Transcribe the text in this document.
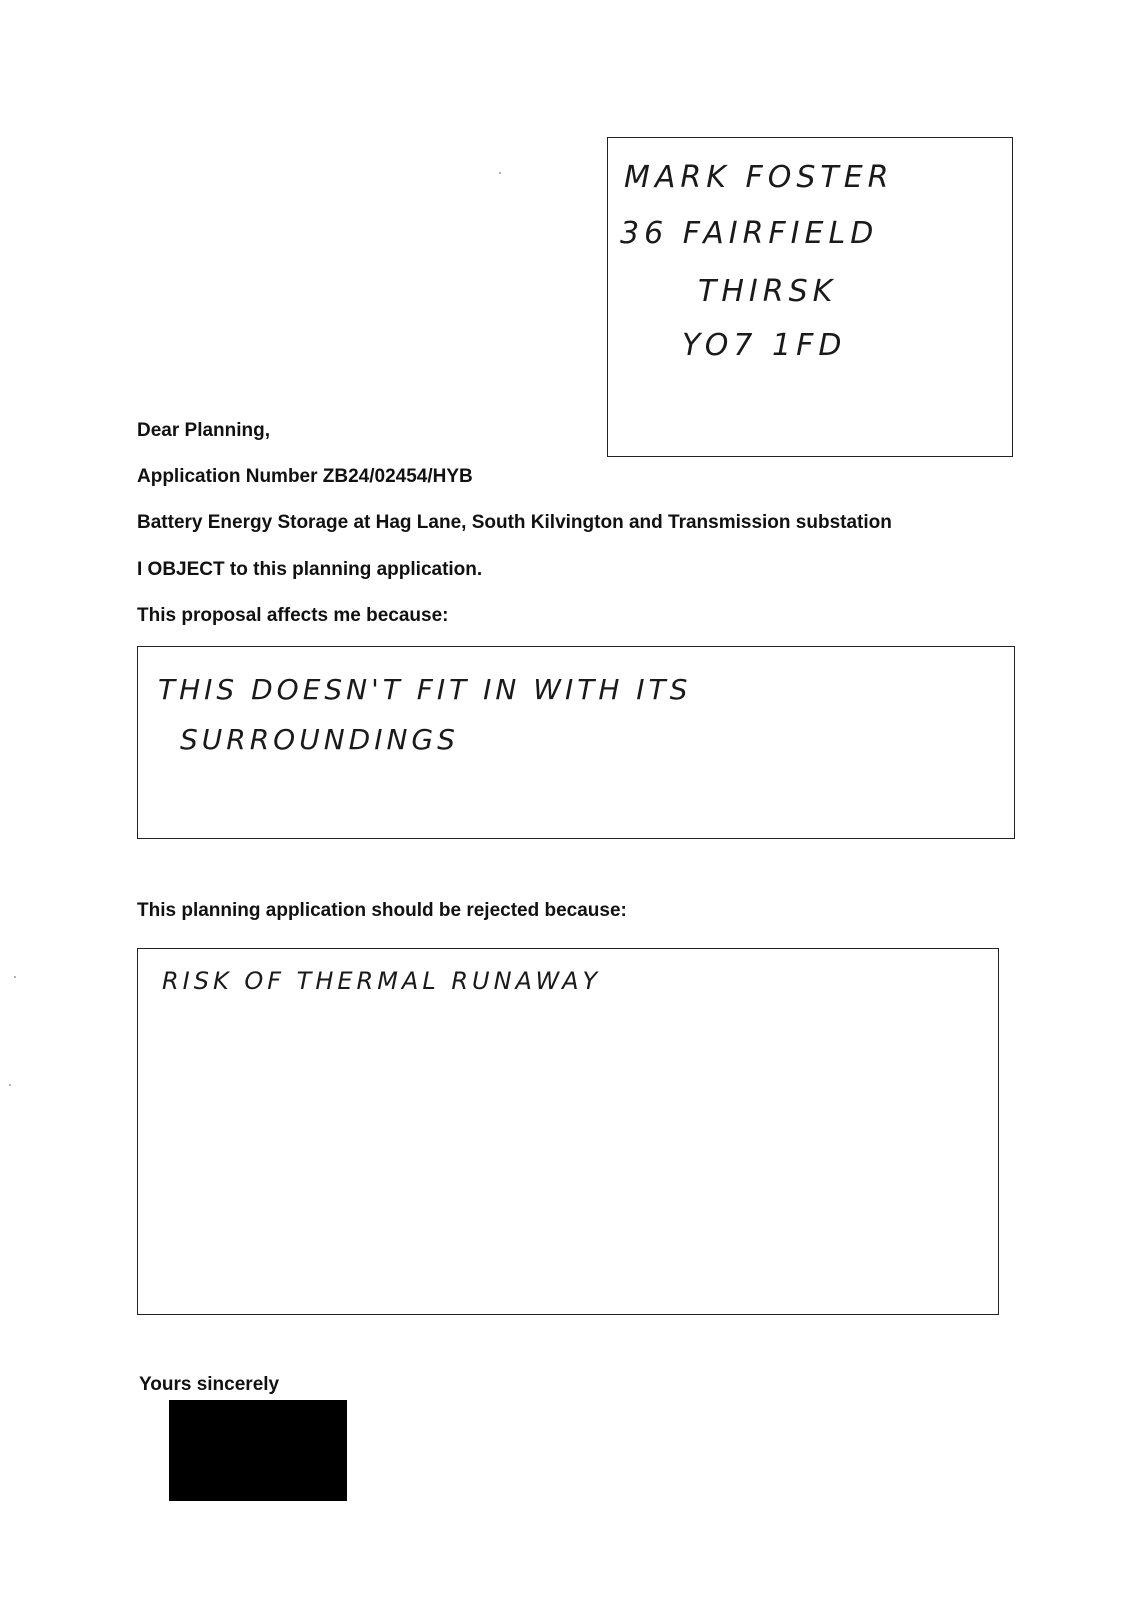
MARK FOSTER
36 FAIRFIELD
THIRSK
YO7 1FD
Dear Planning,
Application Number ZB24/02454/HYB
Battery Energy Storage at Hag Lane, South Kilvington and Transmission substation
I OBJECT to this planning application.
This proposal affects me because:
THIS DOESN'T FIT IN WITH ITS
SURROUNDINGS
This planning application should be rejected because:
RISK OF THERMAL RUNAWAY
Yours sincerely
